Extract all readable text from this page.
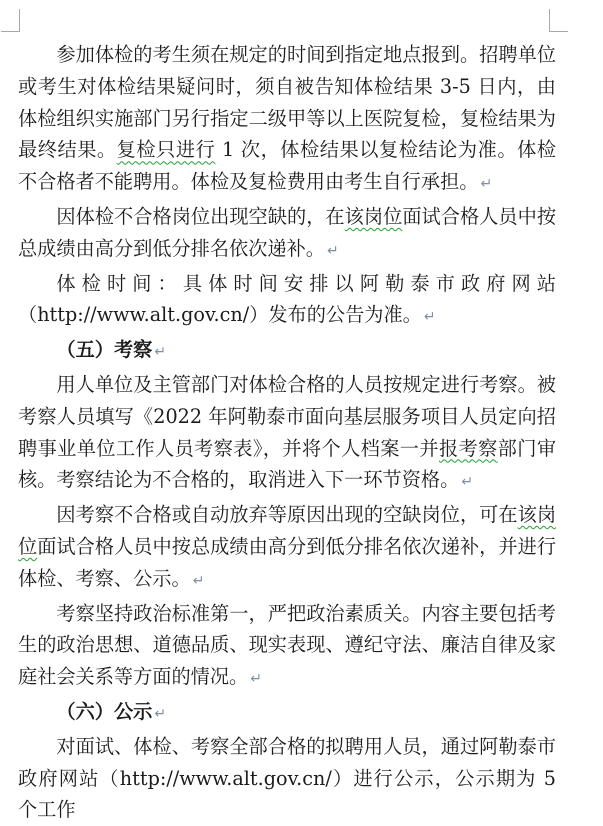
参加体检的考生须在规定的时间到指定地点报到。招聘单位或考生对体检结果疑问时，须自被告知体检结果 3-5 日内，由体检组织实施部门另行指定二级甲等以上医院复检，复检结果为最终结果。复检只进行 1 次，体检结果以复检结论为准。体检不合格者不能聘用。体检及复检费用由考生自行承担。 ↵

因体检不合格岗位出现空缺的，在该岗位面试合格人员中按总成绩由高分到低分排名依次递补。 ↵

体检时间：具体时间安排以阿勒泰市政府网站（http://www.alt.gov.cn/）发布的公告为准。 ↵

（五）考察 ↵

用人单位及主管部门对体检合格的人员按规定进行考察。被考察人员填写《2022 年阿勒泰市面向基层服务项目人员定向招聘事业单位工作人员考察表》，并将个人档案一并报考察部门审核。考察结论为不合格的，取消进入下一环节资格。 ↵

因考察不合格或自动放弃等原因出现的空缺岗位，可在该岗位面试合格人员中按总成绩由高分到低分排名依次递补，并进行体检、考察、公示。 ↵

考察坚持政治标准第一，严把政治素质关。内容主要包括考生的政治思想、道德品质、现实表现、遵纪守法、廉洁自律及家庭社会关系等方面的情况。 ↵

（六）公示 ↵

对面试、体检、考察全部合格的拟聘用人员，通过阿勒泰市政府网站（http://www.alt.gov.cn/）进行公示，公示期为 5 个工作
